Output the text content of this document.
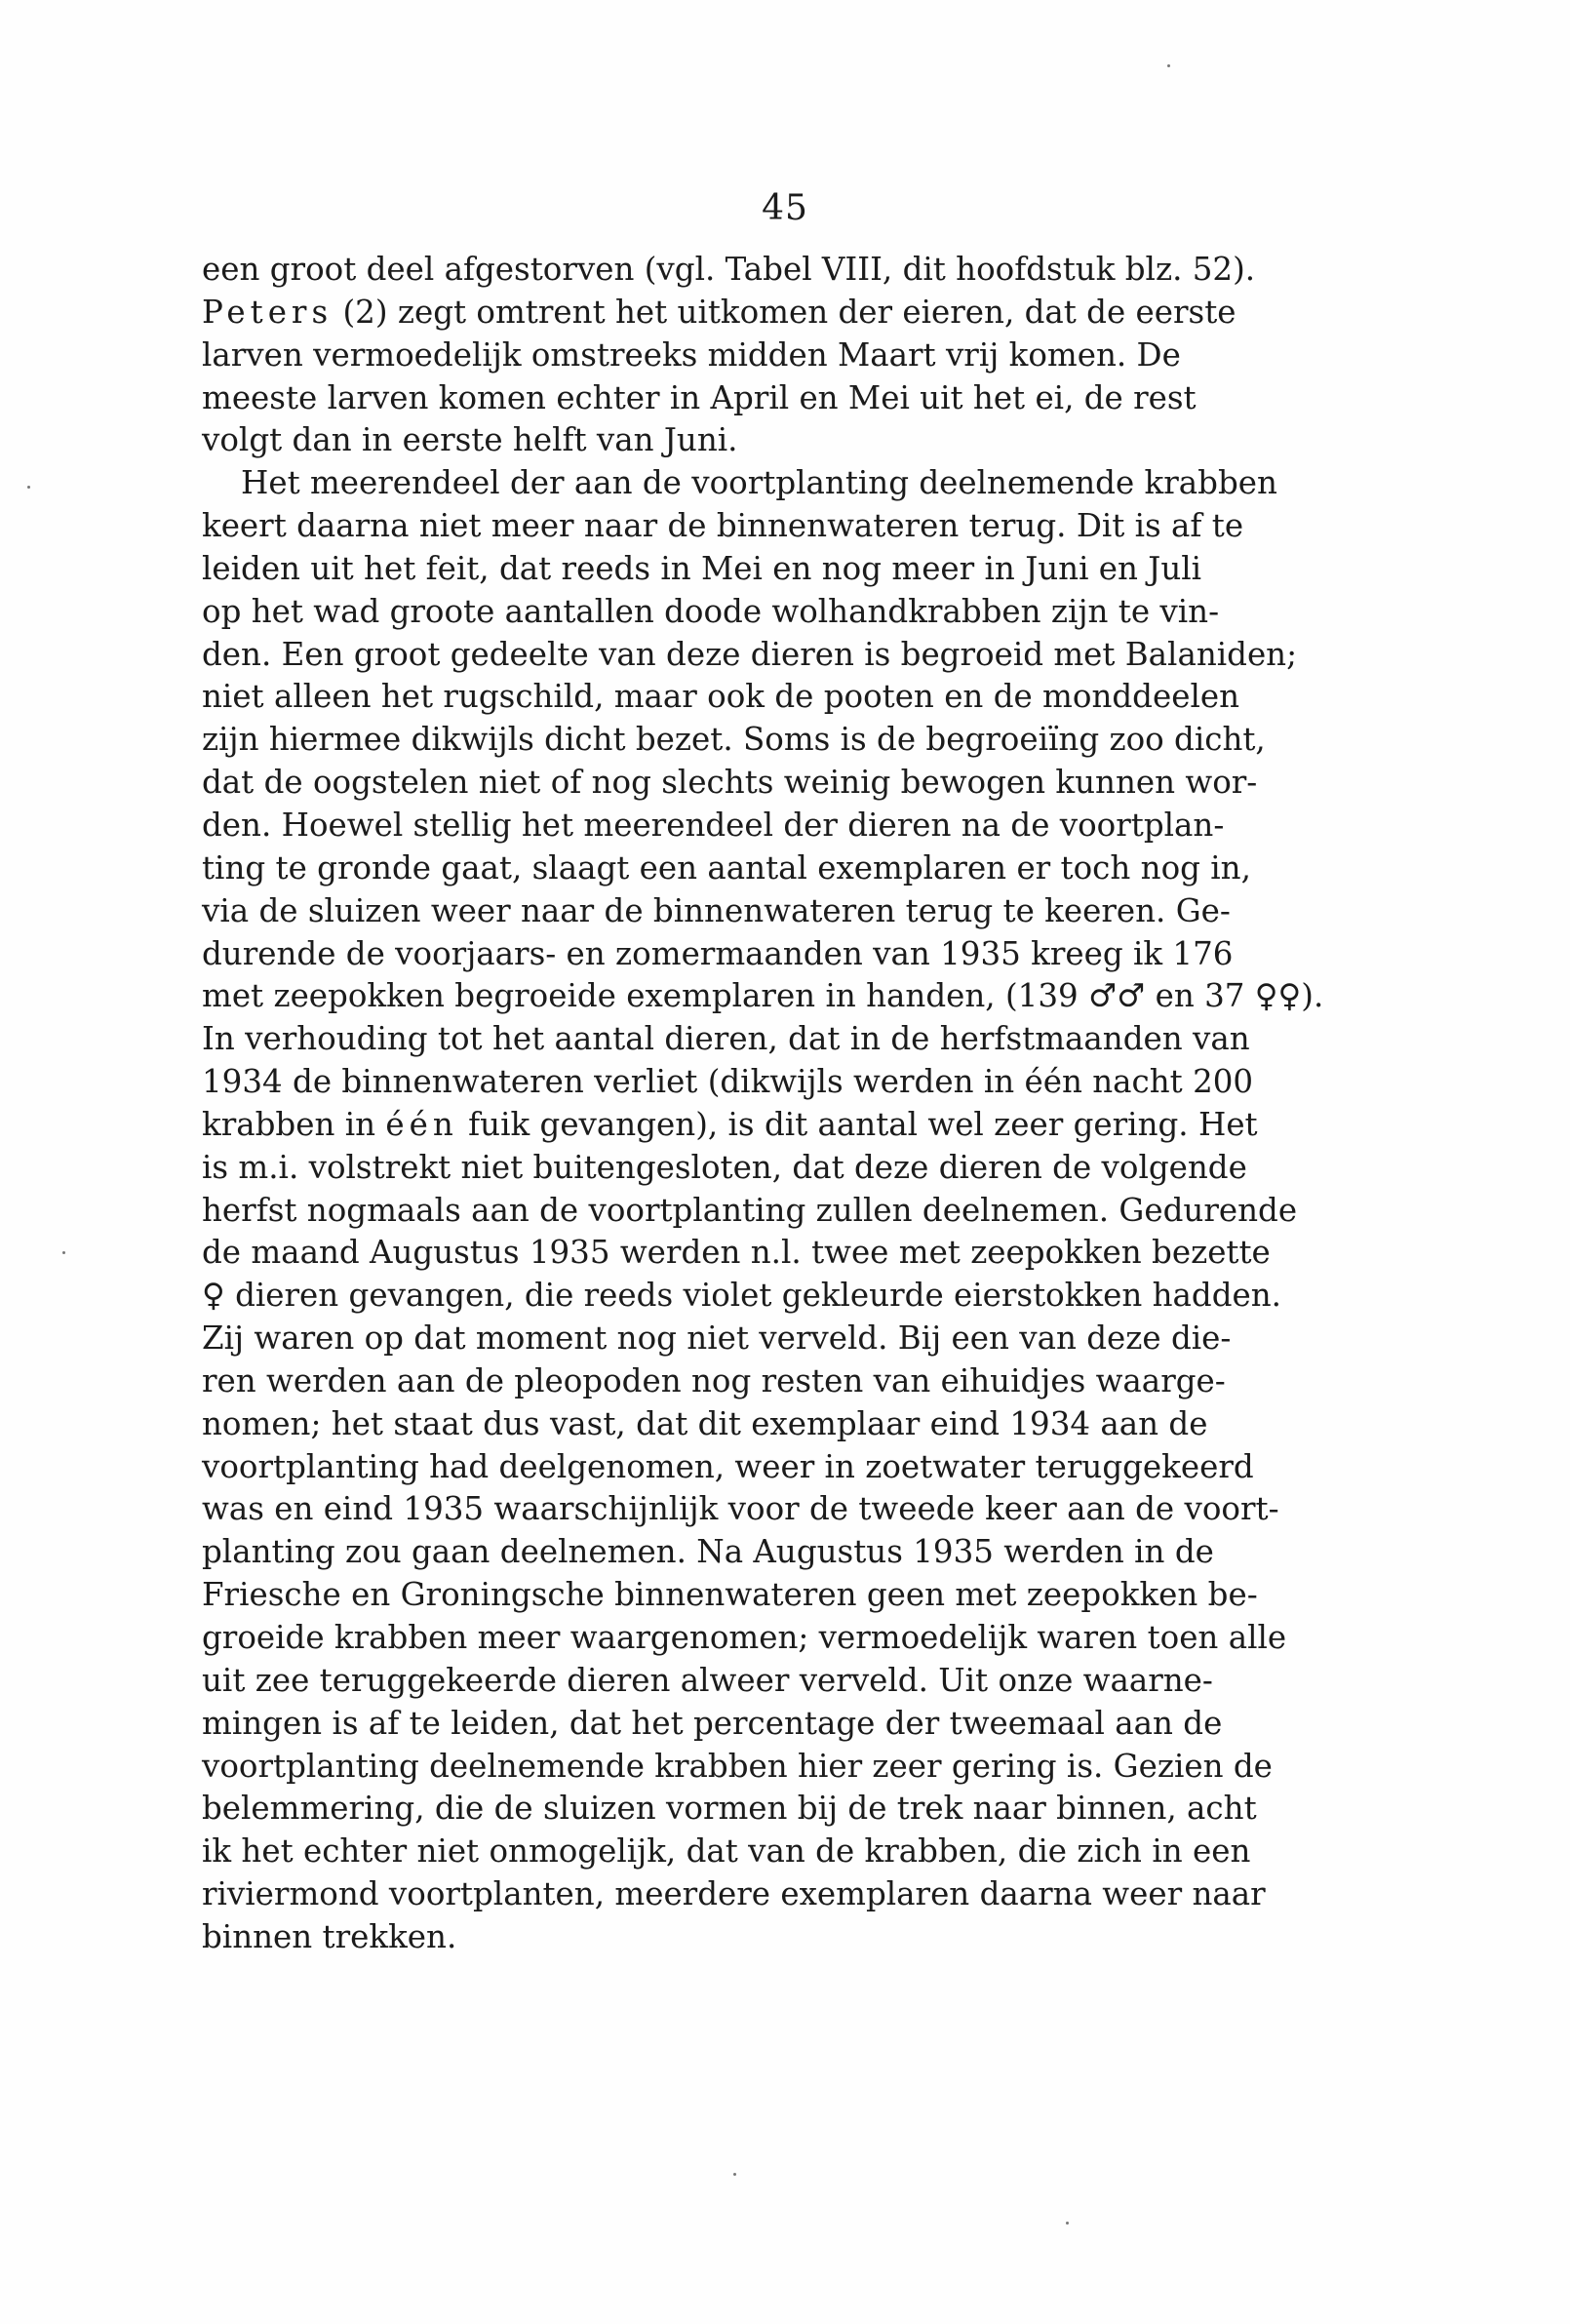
45
een groot deel afgestorven (vgl. Tabel VIII, dit hoofdstuk blz. 52).
Peters (2) zegt omtrent het uitkomen der eieren, dat de eerste
larven vermoedelijk omstreeks midden Maart vrij komen. De
meeste larven komen echter in April en Mei uit het ei, de rest
volgt dan in eerste helft van Juni.
Het meerendeel der aan de voortplanting deelnemende krabben
keert daarna niet meer naar de binnenwateren terug. Dit is af te
leiden uit het feit, dat reeds in Mei en nog meer in Juni en Juli
op het wad groote aantallen doode wolhandkrabben zijn te vin-
den. Een groot gedeelte van deze dieren is begroeid met Balaniden;
niet alleen het rugschild, maar ook de pooten en de monddeelen
zijn hiermee dikwijls dicht bezet. Soms is de begroeiïng zoo dicht,
dat de oogstelen niet of nog slechts weinig bewogen kunnen wor-
den. Hoewel stellig het meerendeel der dieren na de voortplan-
ting te gronde gaat, slaagt een aantal exemplaren er toch nog in,
via de sluizen weer naar de binnenwateren terug te keeren. Ge-
durende de voorjaars- en zomermaanden van 1935 kreeg ik 176
met zeepokken begroeide exemplaren in handen, (139 ♂♂ en 37 ♀♀).
In verhouding tot het aantal dieren, dat in de herfstmaanden van
1934 de binnenwateren verliet (dikwijls werden in één nacht 200
krabben in één fuik gevangen), is dit aantal wel zeer gering. Het
is m.i. volstrekt niet buitengesloten, dat deze dieren de volgende
herfst nogmaals aan de voortplanting zullen deelnemen. Gedurende
de maand Augustus 1935 werden n.l. twee met zeepokken bezette
♀ dieren gevangen, die reeds violet gekleurde eierstokken hadden.
Zij waren op dat moment nog niet verveld. Bij een van deze die-
ren werden aan de pleopoden nog resten van eihuidjes waarge-
nomen; het staat dus vast, dat dit exemplaar eind 1934 aan de
voortplanting had deelgenomen, weer in zoetwater teruggekeerd
was en eind 1935 waarschijnlijk voor de tweede keer aan de voort-
planting zou gaan deelnemen. Na Augustus 1935 werden in de
Friesche en Groningsche binnenwateren geen met zeepokken be-
groeide krabben meer waargenomen; vermoedelijk waren toen alle
uit zee teruggekeerde dieren alweer verveld. Uit onze waarne-
mingen is af te leiden, dat het percentage der tweemaal aan de
voortplanting deelnemende krabben hier zeer gering is. Gezien de
belemmering, die de sluizen vormen bij de trek naar binnen, acht
ik het echter niet onmogelijk, dat van de krabben, die zich in een
riviermond voortplanten, meerdere exemplaren daarna weer naar
binnen trekken.
